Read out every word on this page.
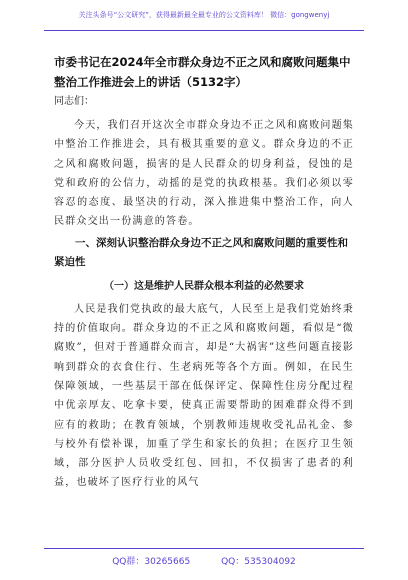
关注头条号“公文研究”，获得最新最全最专业的公文资料库！ 微信：gongwenyj
市委书记在2024年全市群众身边不正之风和腐败问题集中整治工作推进会上的讲话（5132字）

同志们：

今天，我们召开这次全市群众身边不正之风和腐败问题集中整治工作推进会，具有极其重要的意义。群众身边的不正之风和腐败问题，损害的是人民群众的切身利益，侵蚀的是党和政府的公信力，动摇的是党的执政根基。我们必须以零容忍的态度、最坚决的行动，深入推进集中整治工作，向人民群众交出一份满意的答卷。

一、深刻认识整治群众身边不正之风和腐败问题的重要性和紧迫性

（一）这是维护人民群众根本利益的必然要求

人民是我们党执政的最大底气，人民至上是我们党始终秉持的价值取向。群众身边的不正之风和腐败问题，看似是“微腐败”，但对于普通群众而言，却是“大祸害”这些问题直接影响到群众的衣食住行、生老病死等各个方面。例如，在民生保障领域，一些基层干部在低保评定、保障性住房分配过程中优亲厚友、吃拿卡要，使真正需要帮助的困难群众得不到应有的救助；在教育领域，个别教师违规收受礼品礼金、参与校外有偿补课，加重了学生和家长的负担；在医疗卫生领域，部分医护人员收受红包、回扣，不仅损害了患者的利益，也破坏了医疗行业的风气

QQ群：30265665	QQ：535304092
